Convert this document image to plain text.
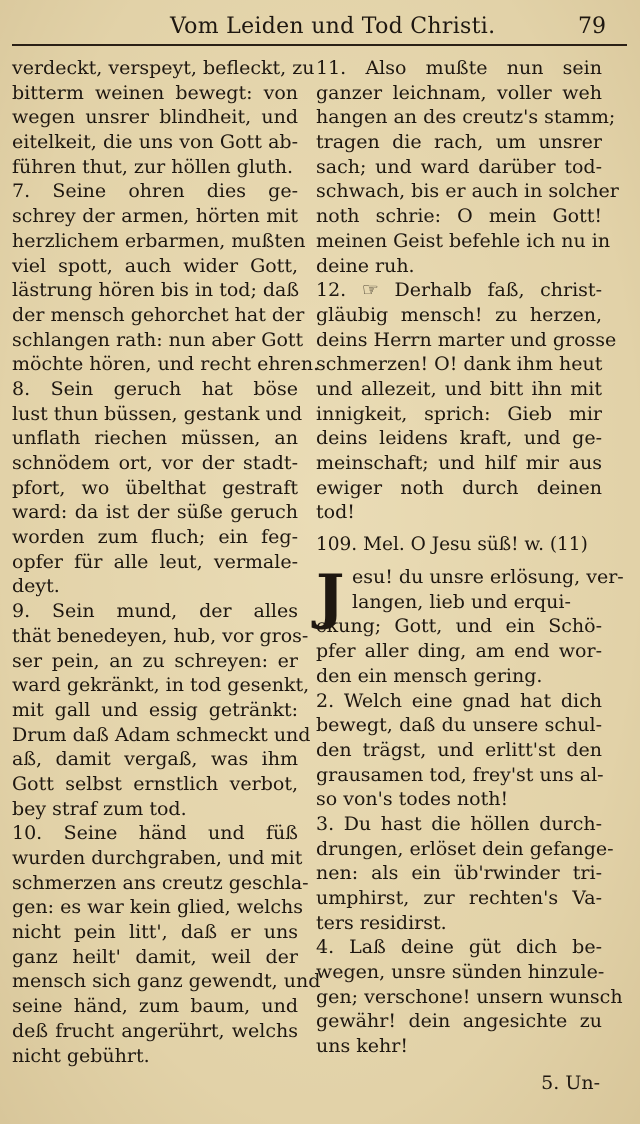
Vom Leiden und Tod Christi.	79
verdeckt, verspeyt, befleckt, zu
bitterm weinen bewegt: von
wegen unsrer blindheit, und
eitelkeit, die uns von Gott ab-
führen thut, zur höllen gluth.
7. Seine ohren dies ge-
schrey der armen, hörten mit
herzlichem erbarmen, mußten
viel spott, auch wider Gott,
lästrung hören bis in tod; daß
der mensch gehorchet hat der
schlangen rath: nun aber Gott
möchte hören, und recht ehren.
8. Sein geruch hat böse
lust thun büssen, gestank und
unflath riechen müssen, an
schnödem ort, vor der stadt-
pfort, wo übelthat gestraft
ward: da ist der süße geruch
worden zum fluch; ein feg-
opfer für alle leut, vermale-
deyt.
9. Sein mund, der alles
thät benedeyen, hub, vor gros-
ser pein, an zu schreyen: er
ward gekränkt, in tod gesenkt,
mit gall und essig getränkt:
Drum daß Adam schmeckt und
aß, damit vergaß, was ihm
Gott selbst ernstlich verbot,
bey straf zum tod.
10. Seine händ und füß
wurden durchgraben, und mit
schmerzen ans creutz geschla-
gen: es war kein glied, welchs
nicht pein litt', daß er uns
ganz heilt' damit, weil der
mensch sich ganz gewendt, und
seine händ, zum baum, und
deß frucht angerührt, welchs
nicht gebührt.
11. Also mußte nun sein
ganzer leichnam, voller weh
hangen an des creutz's stamm;
tragen die rach, um unsrer
sach; und ward darüber tod-
schwach, bis er auch in solcher
noth schrie: O mein Gott!
meinen Geist befehle ich nu in
deine ruh.
12. ☞ Derhalb faß, christ-
gläubig mensch! zu herzen,
deins Herrn marter und grosse
schmerzen! O! dank ihm heut
und allezeit, und bitt ihn mit
innigkeit, sprich: Gieb mir
deins leidens kraft, und ge-
meinschaft; und hilf mir aus
ewiger noth durch deinen
tod!
109. Mel. O Jesu süß! w. (11)
J esu! du unsre erlösung, ver-
langen, lieb und erqui-
ckung; Gott, und ein Schö-
pfer aller ding, am end wor-
den ein mensch gering.
2. Welch eine gnad hat dich
bewegt, daß du unsere schul-
den trägst, und erlitt'st den
grausamen tod, frey'st uns al-
so von's todes noth!
3. Du hast die höllen durch-
drungen, erlöset dein gefange-
nen: als ein üb'rwinder tri-
umphirst, zur rechten's Va-
ters residirst.
4. Laß deine güt dich be-
wegen, unsre sünden hinzule-
gen; verschone! unsern wunsch
gewähr! dein angesichte zu
uns kehr!
5. Un-
